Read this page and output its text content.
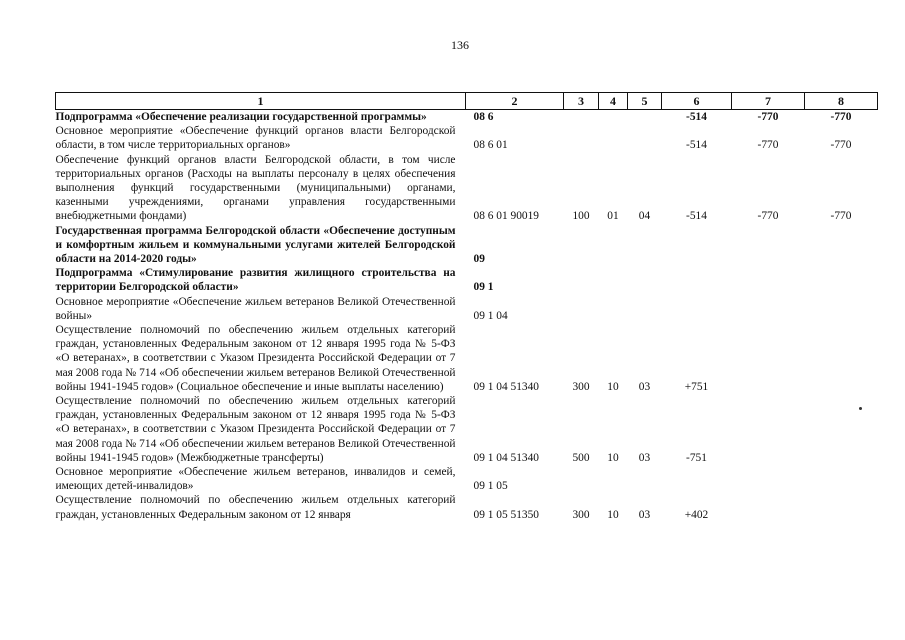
136
1	2	3	4	5	6	7	8
Подпрограмма «Обеспечение реализации государственной программы»	08 6				-514	-770	-770
Основное мероприятие «Обеспечение функций органов власти Белгородской области, в том числе территориальных органов»	08 6 01				-514	-770	-770
Обеспечение функций органов власти Белгородской области, в том числе территориальных органов (Расходы на выплаты персоналу в целях обеспечения выполнения функций государственными (муниципальными) органами, казенными учреждениями, органами управления государственными внебюджетными фондами)	08 6 01 90019	100	01	04	-514	-770	-770
Государственная программа Белгородской области «Обеспечение доступным и комфортным жильем и коммунальными услугами жителей Белгородской области на 2014-2020 годы»	09						
Подпрограмма «Стимулирование развития жилищного строительства на территории Белгородской области»	09 1						
Основное мероприятие «Обеспечение жильем ветеранов Великой Отечественной войны»	09 1 04						
Осуществление полномочий по обеспечению жильем отдельных категорий граждан, установленных Федеральным законом от 12 января 1995 года № 5-ФЗ «О ветеранах», в соответствии с Указом Президента Российской Федерации от 7 мая 2008 года № 714 «Об обеспечении жильем ветеранов Великой Отечественной войны 1941-1945 годов» (Социальное обеспечение и иные выплаты населению)	09 1 04 51340	300	10	03	+751		
Осуществление полномочий по обеспечению жильем отдельных категорий граждан, установленных Федеральным законом от 12 января 1995 года № 5-ФЗ «О ветеранах», в соответствии с Указом Президента Российской Федерации от 7 мая 2008 года № 714 «Об обеспечении жильем ветеранов Великой Отечественной войны 1941-1945 годов» (Межбюджетные трансферты)	09 1 04 51340	500	10	03	-751		
Основное мероприятие «Обеспечение жильем ветеранов, инвалидов и семей, имеющих детей-инвалидов»	09 1 05						
Осуществление полномочий по обеспечению жильем отдельных категорий граждан, установленных Федеральным законом от 12 января	09 1 05 51350	300	10	03	+402		
